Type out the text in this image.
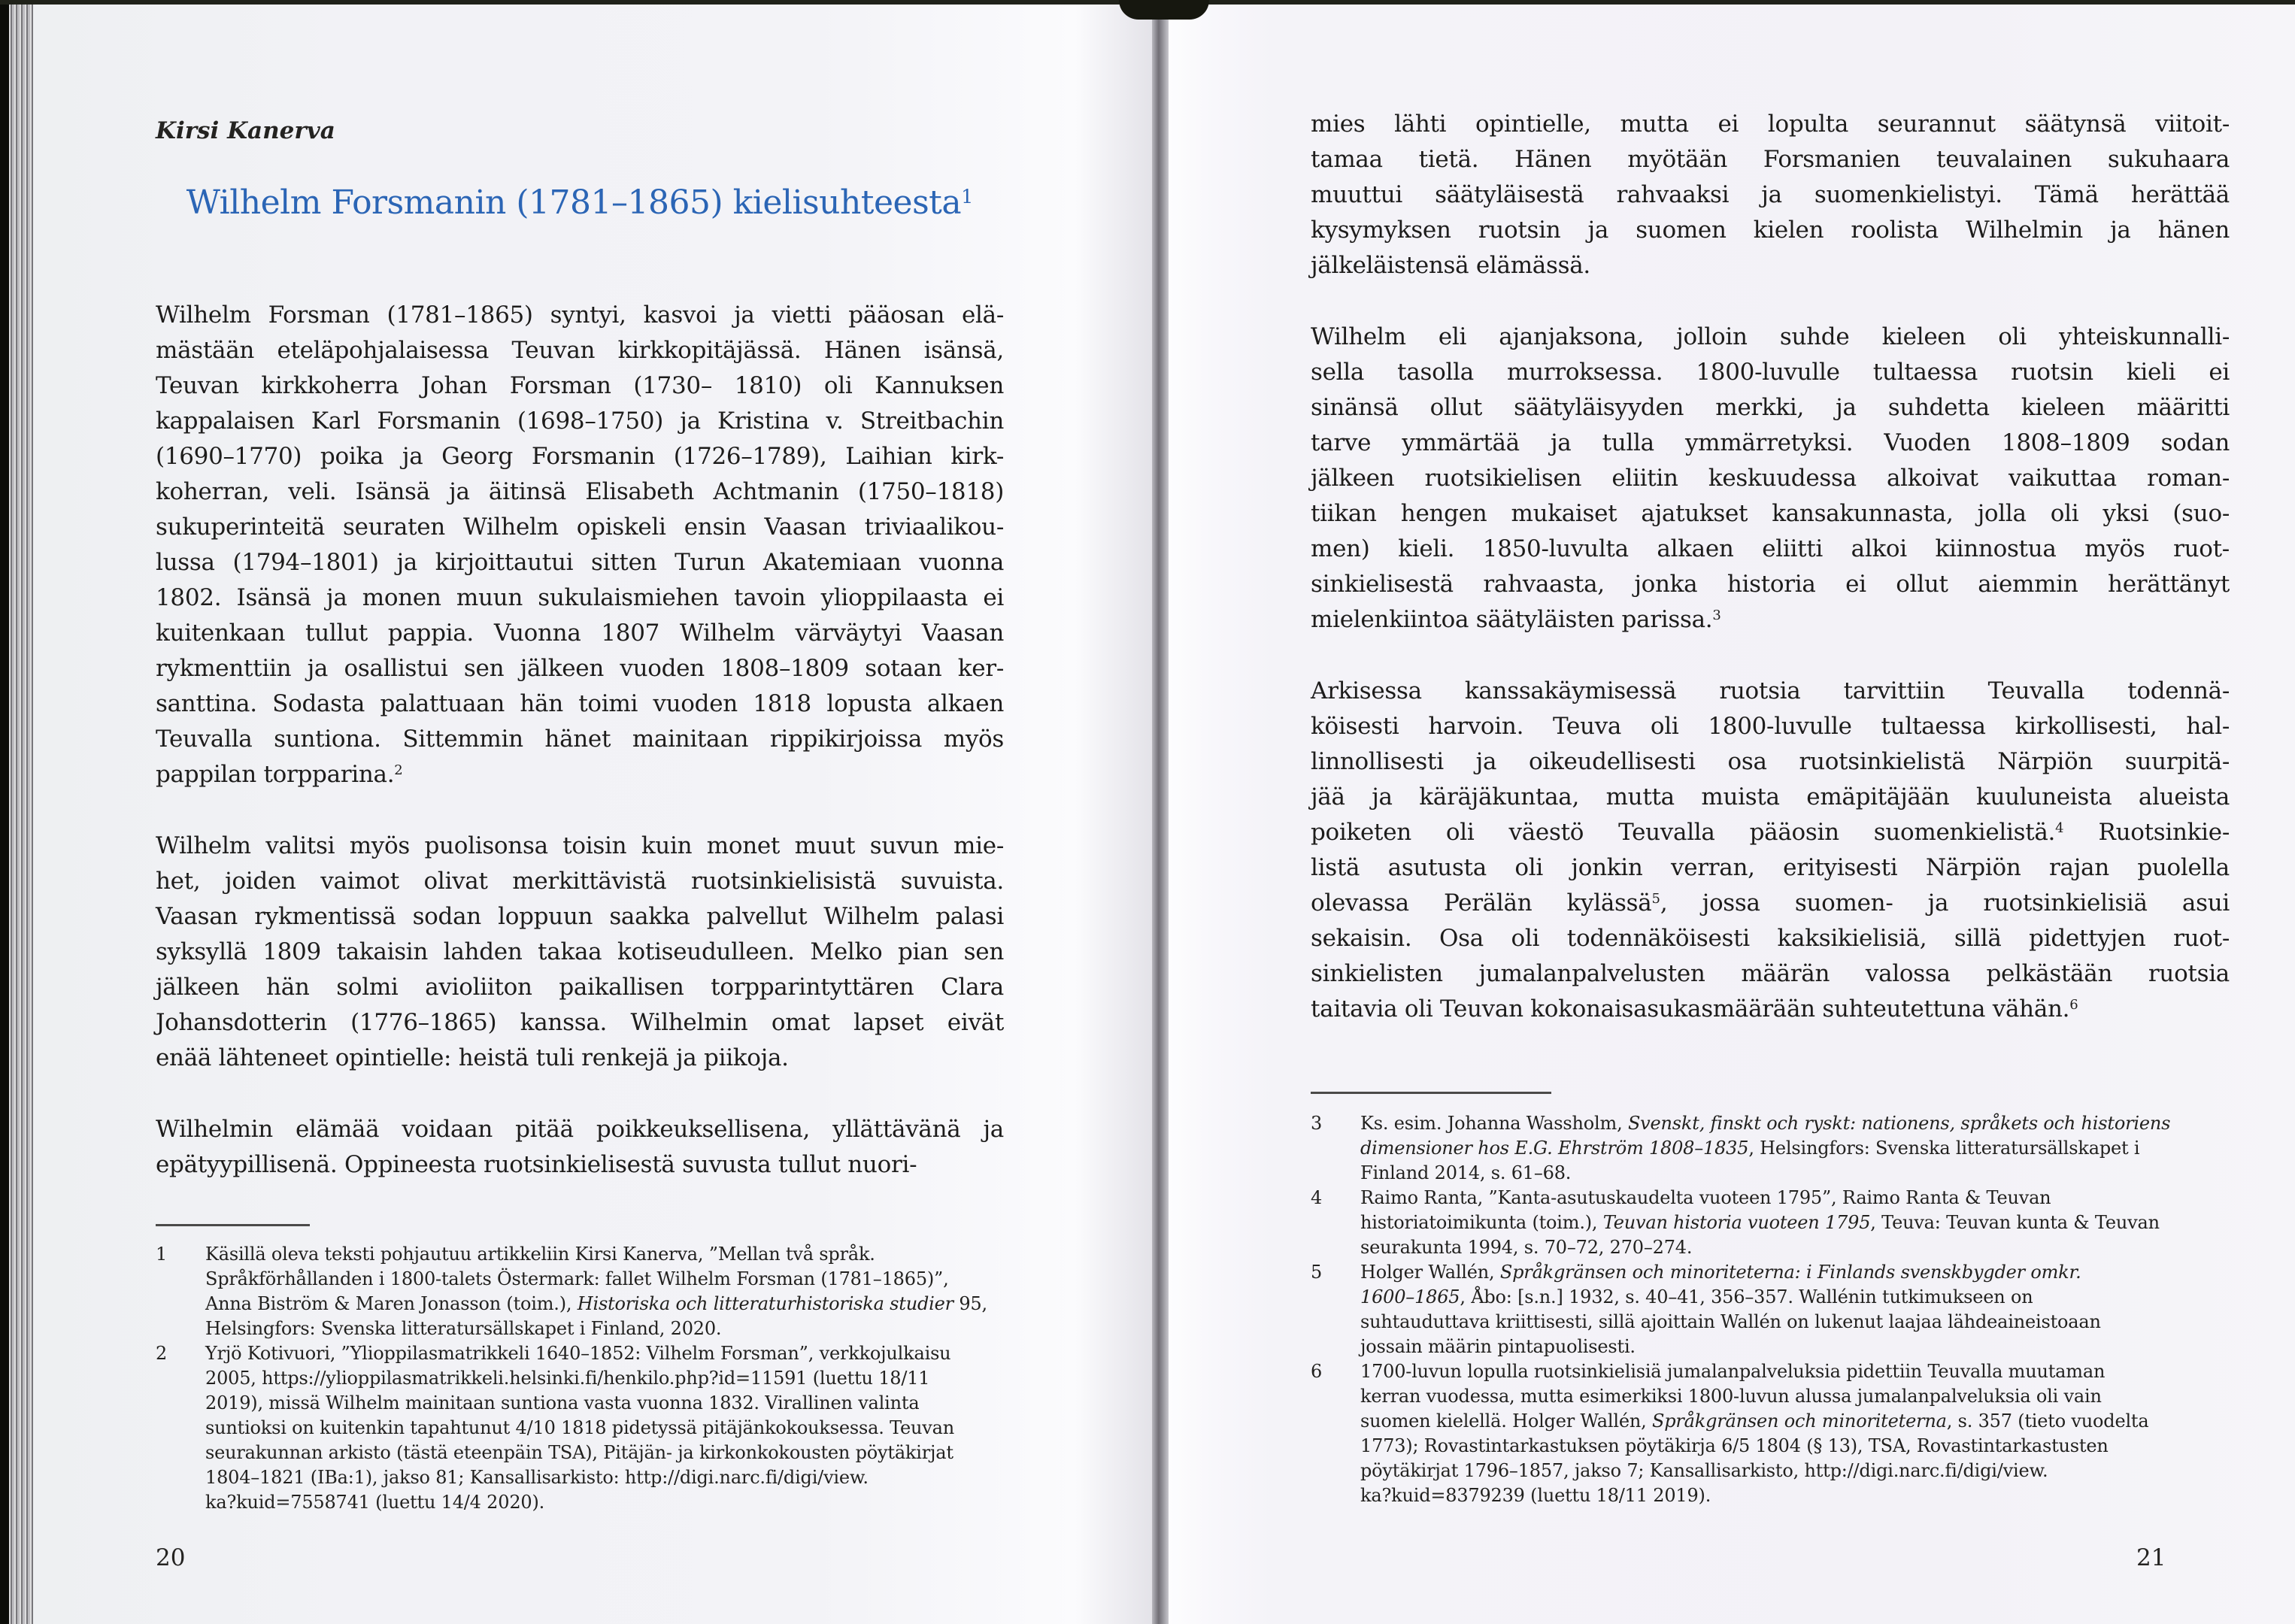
Kirsi Kanerva
Wilhelm Forsmanin (1781–1865) kielisuhteesta$^1$
Wilhelm Forsman (1781–1865) syntyi, kasvoi ja vietti pääosan elä-
mästään eteläpohjalaisessa Teuvan kirkkopitäjässä. Hänen isänsä,
Teuvan kirkkoherra Johan Forsman (1730– 1810) oli Kannuksen
kappalaisen Karl Forsmanin (1698–1750) ja Kristina v. Streitbachin
(1690–1770) poika ja Georg Forsmanin (1726–1789), Laihian kirk-
koherran, veli. Isänsä ja äitinsä Elisabeth Achtmanin (1750–1818)
sukuperinteitä seuraten Wilhelm opiskeli ensin Vaasan triviaalikou-
lussa (1794–1801) ja kirjoittautui sitten Turun Akatemiaan vuonna
1802. Isänsä ja monen muun sukulaismiehen tavoin ylioppilaasta ei
kuitenkaan tullut pappia. Vuonna 1807 Wilhelm värväytyi Vaasan
rykmenttiin ja osallistui sen jälkeen vuoden 1808–1809 sotaan ker-
santtina. Sodasta palattuaan hän toimi vuoden 1818 lopusta alkaen
Teuvalla suntiona. Sittemmin hänet mainitaan rippikirjoissa myös
pappilan torpparina.$^2$
Wilhelm valitsi myös puolisonsa toisin kuin monet muut suvun mie-
het, joiden vaimot olivat merkittävistä ruotsinkielisistä suvuista.
Vaasan rykmentissä sodan loppuun saakka palvellut Wilhelm palasi
syksyllä 1809 takaisin lahden takaa kotiseudulleen. Melko pian sen
jälkeen hän solmi avioliiton paikallisen torpparintyttären Clara
Johansdotterin (1776–1865) kanssa. Wilhelmin omat lapset eivät
enää lähteneet opintielle: heistä tuli renkejä ja piikoja.
Wilhelmin elämää voidaan pitää poikkeuksellisena, yllättävänä ja
epätyypillisenä. Oppineesta ruotsinkielisestä suvusta tullut nuori-
1 Käsillä oleva teksti pohjautuu artikkeliin Kirsi Kanerva, ”Mellan två språk.
Språkförhållanden i 1800-talets Östermark: fallet Wilhelm Forsman (1781–1865)”,
Anna Biström & Maren Jonasson (toim.), Historiska och litteraturhistoriska studier 95,
Helsingfors: Svenska litteratursällskapet i Finland, 2020.
2 Yrjö Kotivuori, ”Ylioppilasmatrikkeli 1640–1852: Vilhelm Forsman”, verkkojulkaisu
2005, https://ylioppilasmatrikkeli.helsinki.fi/henkilo.php?id=11591 (luettu 18/11
2019), missä Wilhelm mainitaan suntiona vasta vuonna 1832. Virallinen valinta
suntioksi on kuitenkin tapahtunut 4/10 1818 pidetyssä pitäjänkokouksessa. Teuvan
seurakunnan arkisto (tästä eteenpäin TSA), Pitäjän- ja kirkonkokousten pöytäkirjat
1804–1821 (IBa:1), jakso 81; Kansallisarkisto: http://digi.narc.fi/digi/view.
ka?kuid=7558741 (luettu 14/4 2020).
20
mies lähti opintielle, mutta ei lopulta seurannut säätynsä viitoit-
tamaa tietä. Hänen myötään Forsmanien teuvalainen sukuhaara
muuttui säätyläisestä rahvaaksi ja suomenkielistyi. Tämä herättää
kysymyksen ruotsin ja suomen kielen roolista Wilhelmin ja hänen
jälkeläistensä elämässä.
Wilhelm eli ajanjaksona, jolloin suhde kieleen oli yhteiskunnalli-
sella tasolla murroksessa. 1800-luvulle tultaessa ruotsin kieli ei
sinänsä ollut säätyläisyyden merkki, ja suhdetta kieleen määritti
tarve ymmärtää ja tulla ymmärretyksi. Vuoden 1808–1809 sodan
jälkeen ruotsikielisen eliitin keskuudessa alkoivat vaikuttaa roman-
tiikan hengen mukaiset ajatukset kansakunnasta, jolla oli yksi (suo-
men) kieli. 1850-luvulta alkaen eliitti alkoi kiinnostua myös ruot-
sinkielisestä rahvaasta, jonka historia ei ollut aiemmin herättänyt
mielenkiintoa säätyläisten parissa.$^3$
Arkisessa kanssakäymisessä ruotsia tarvittiin Teuvalla todennä-
köisesti harvoin. Teuva oli 1800-luvulle tultaessa kirkollisesti, hal-
linnollisesti ja oikeudellisesti osa ruotsinkielistä Närpiön suurpitä-
jää ja käräjäkuntaa, mutta muista emäpitäjään kuuluneista alueista
poiketen oli väestö Teuvalla pääosin suomenkielistä.$^4$ Ruotsinkie-
listä asutusta oli jonkin verran, erityisesti Närpiön rajan puolella
olevassa Perälän kylässä$^5$, jossa suomen- ja ruotsinkielisiä asui
sekaisin. Osa oli todennäköisesti kaksikielisiä, sillä pidettyjen ruot-
sinkielisten jumalanpalvelusten määrän valossa pelkästään ruotsia
taitavia oli Teuvan kokonaisasukasmäärään suhteutettuna vähän.$^6$
3 Ks. esim. Johanna Wassholm, Svenskt, finskt och ryskt: nationens, språkets och historiens
dimensioner hos E.G. Ehrström 1808–1835, Helsingfors: Svenska litteratursällskapet i
Finland 2014, s. 61–68.
4 Raimo Ranta, ”Kanta-asutuskaudelta vuoteen 1795”, Raimo Ranta & Teuvan
historiatoimikunta (toim.), Teuvan historia vuoteen 1795, Teuva: Teuvan kunta & Teuvan
seurakunta 1994, s. 70–72, 270–274.
5 Holger Wallén, Språkgränsen och minoriteterna: i Finlands svenskbygder omkr.
1600–1865, Åbo: [s.n.] 1932, s. 40–41, 356–357. Wallénin tutkimukseen on
suhtauduttava kriittisesti, sillä ajoittain Wallén on lukenut laajaa lähdeaineistoaan
jossain määrin pintapuolisesti.
6 1700-luvun lopulla ruotsinkielisiä jumalanpalveluksia pidettiin Teuvalla muutaman
kerran vuodessa, mutta esimerkiksi 1800-luvun alussa jumalanpalveluksia oli vain
suomen kielellä. Holger Wallén, Språkgränsen och minoriteterna, s. 357 (tieto vuodelta
1773); Rovastintarkastuksen pöytäkirja 6/5 1804 (§ 13), TSA, Rovastintarkastusten
pöytäkirjat 1796–1857, jakso 7; Kansallisarkisto, http://digi.narc.fi/digi/view.
ka?kuid=8379239 (luettu 18/11 2019).
21
